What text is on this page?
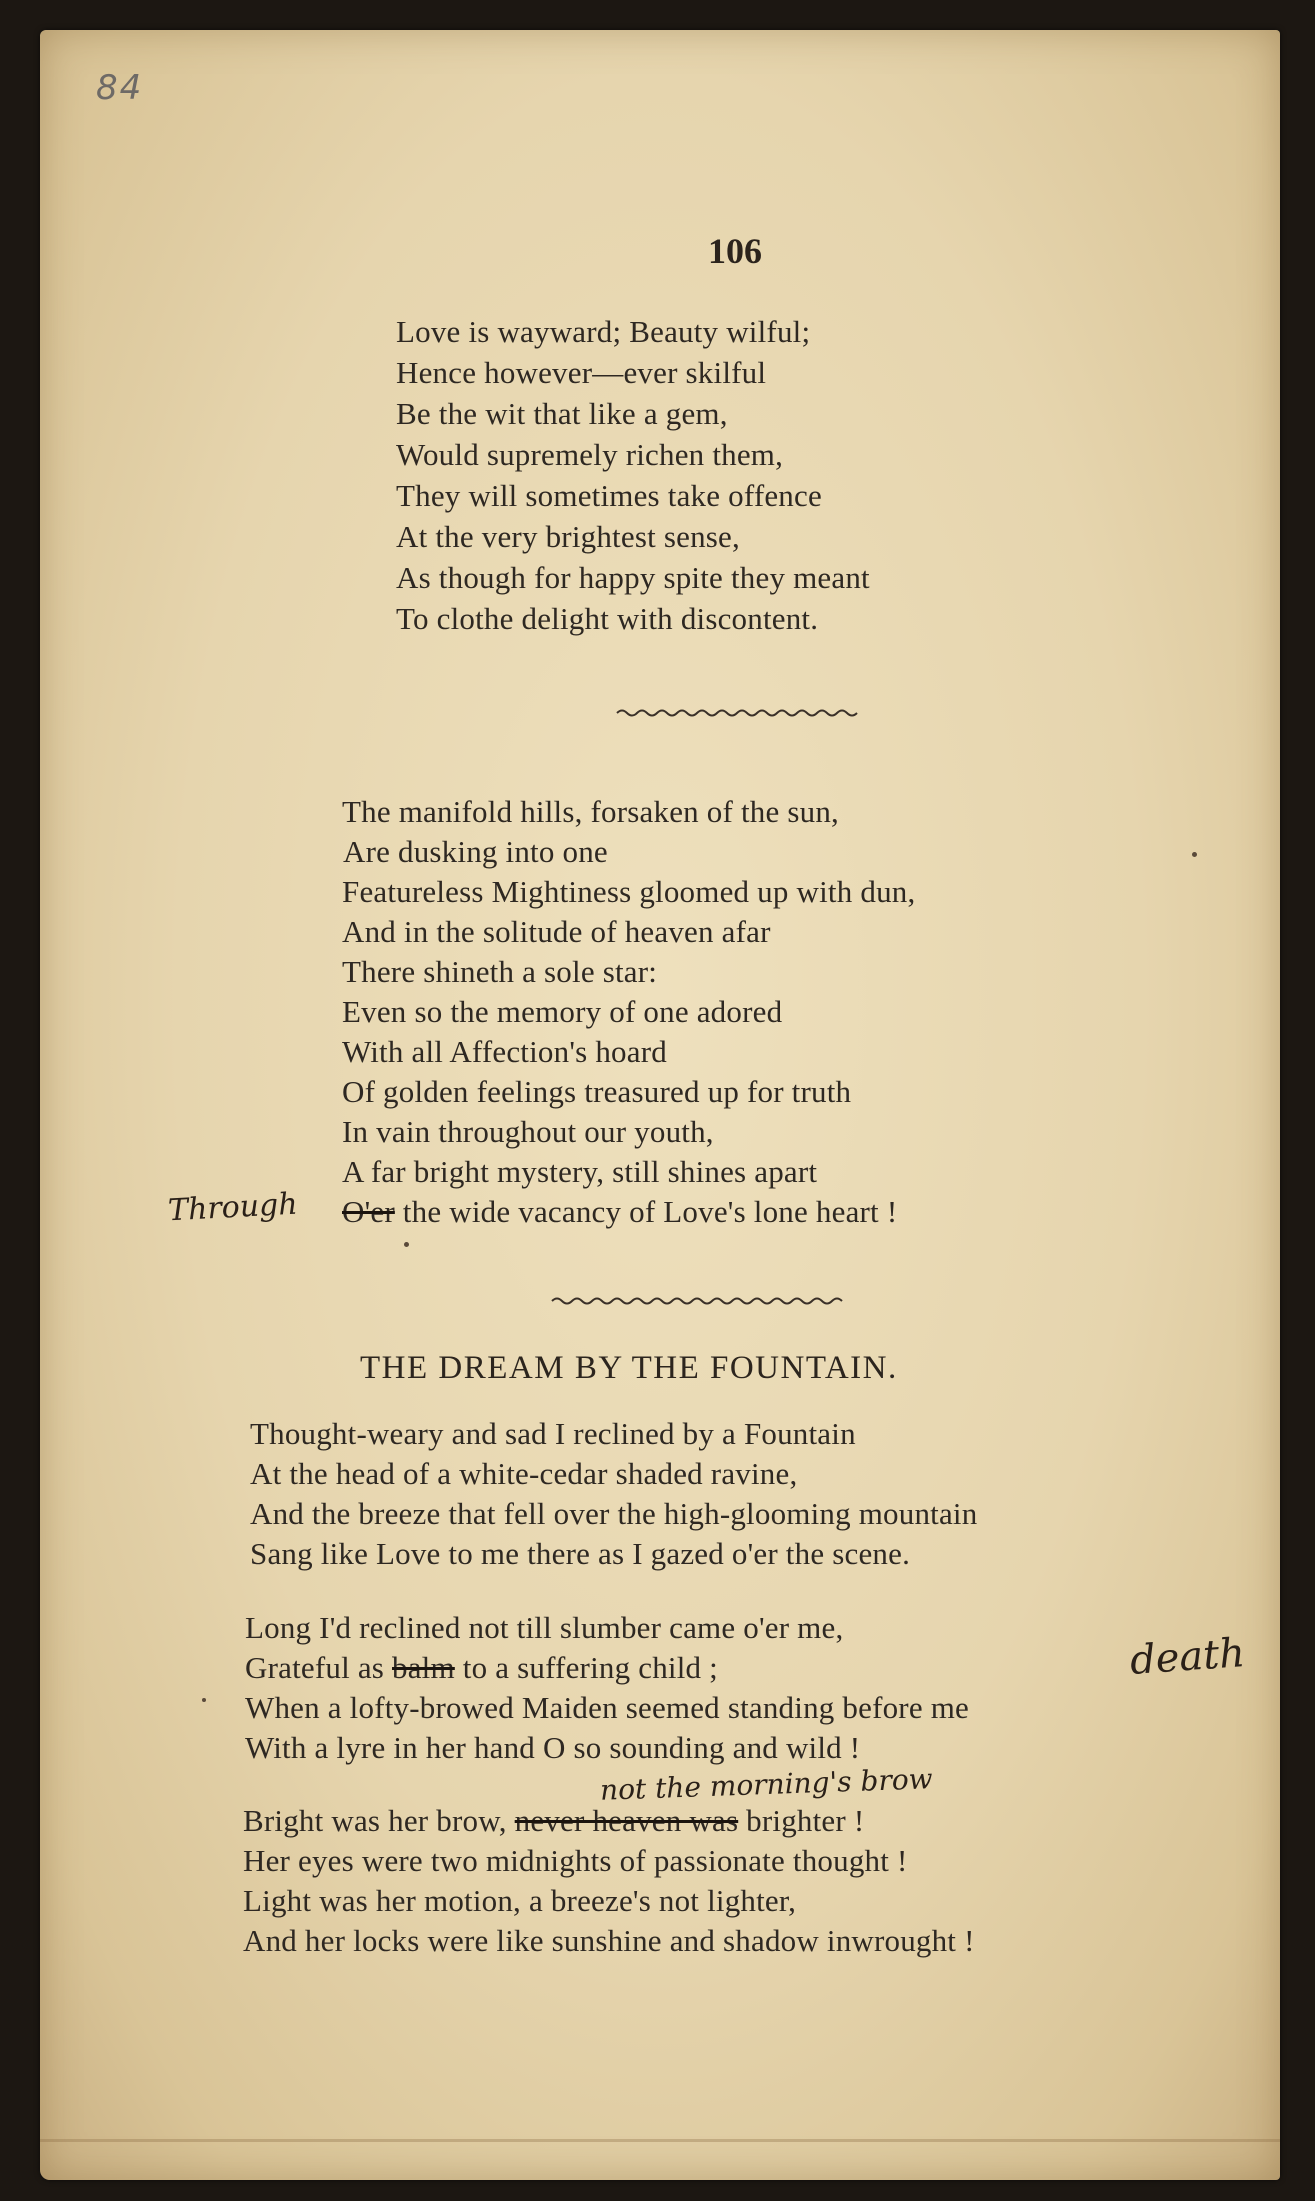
84
106
Love is wayward; Beauty wilful;
Hence however—ever skilful
Be the wit that like a gem,
Would supremely richen them,
They will sometimes take offence
At the very brightest sense,
As though for happy spite they meant
To clothe delight with discontent.
The manifold hills, forsaken of the sun,
Are dusking into one
Featureless Mightiness gloomed up with dun,
And in the solitude of heaven afar
There shineth a sole star:
Even so the memory of one adored
With all Affection's hoard
Of golden feelings treasured up for truth
In vain throughout our youth,
A far bright mystery, still shines apart
O'er the wide vacancy of Love's lone heart !
Through
THE DREAM BY THE FOUNTAIN.
Thought-weary and sad I reclined by a Fountain
At the head of a white-cedar shaded ravine,
And the breeze that fell over the high-glooming mountain
Sang like Love to me there as I gazed o'er the scene.
Long I'd reclined not till slumber came o'er me,
Grateful as balm to a suffering child ;
When a lofty-browed Maiden seemed standing before me
With a lyre in her hand O so sounding and wild !
death
not the morning's brow
Bright was her brow, never heaven was brighter !
Her eyes were two midnights of passionate thought !
Light was her motion, a breeze's not lighter,
And her locks were like sunshine and shadow inwrought !
